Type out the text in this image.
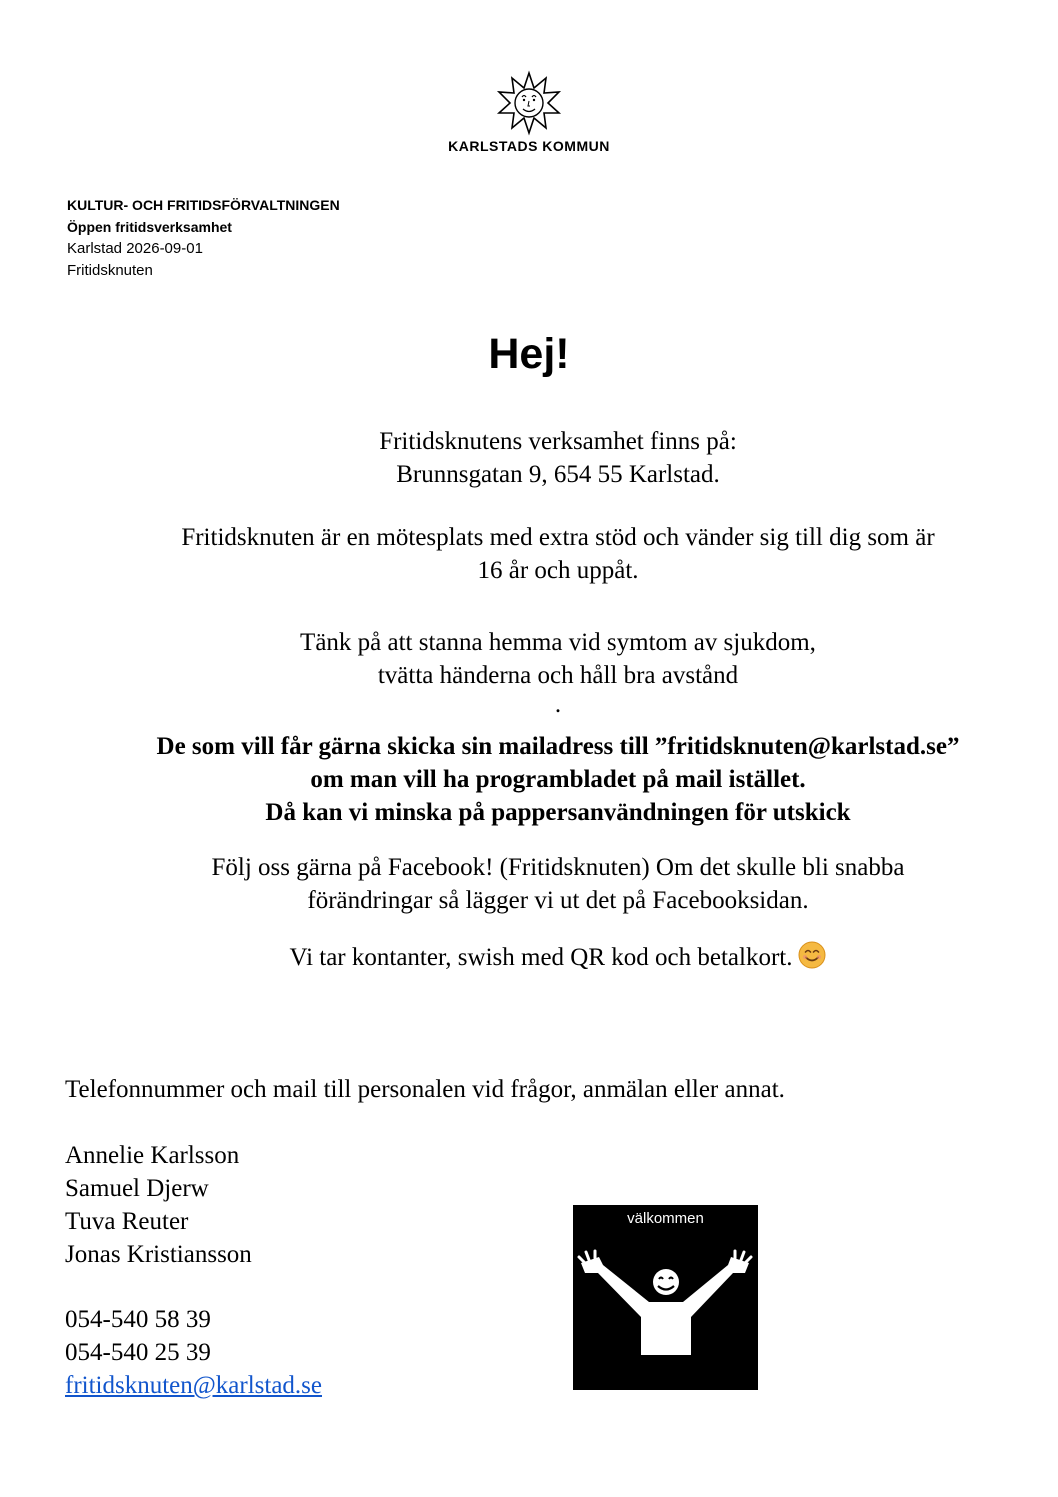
KARLSTADS KOMMUN
KULTUR- OCH FRITIDSFÖRVALTNINGEN
Öppen fritidsverksamhet
Karlstad 2026-09-01
Fritidsknuten
Hej!
Fritidsknutens verksamhet finns på:
Brunnsgatan 9, 654 55 Karlstad.
Fritidsknuten är en mötesplats med extra stöd och vänder sig till dig som är
16 år och uppåt.
Tänk på att stanna hemma vid symtom av sjukdom,
tvätta händerna och håll bra avstånd
.
De som vill får gärna skicka sin mailadress till ”fritidsknuten@karlstad.se”
om man vill ha programbladet på mail istället.
Då kan vi minska på pappersanvändningen för utskick
Följ oss gärna på Facebook! (Fritidsknuten) Om det skulle bli snabba
förändringar så lägger vi ut det på Facebooksidan.
Vi tar kontanter, swish med QR kod och betalkort.
Telefonnummer och mail till personalen vid frågor, anmälan eller annat.
Annelie Karlsson
Samuel Djerw
Tuva Reuter
Jonas Kristiansson
054-540 58 39
054-540 25 39
fritidsknuten@karlstad.se
välkommen
